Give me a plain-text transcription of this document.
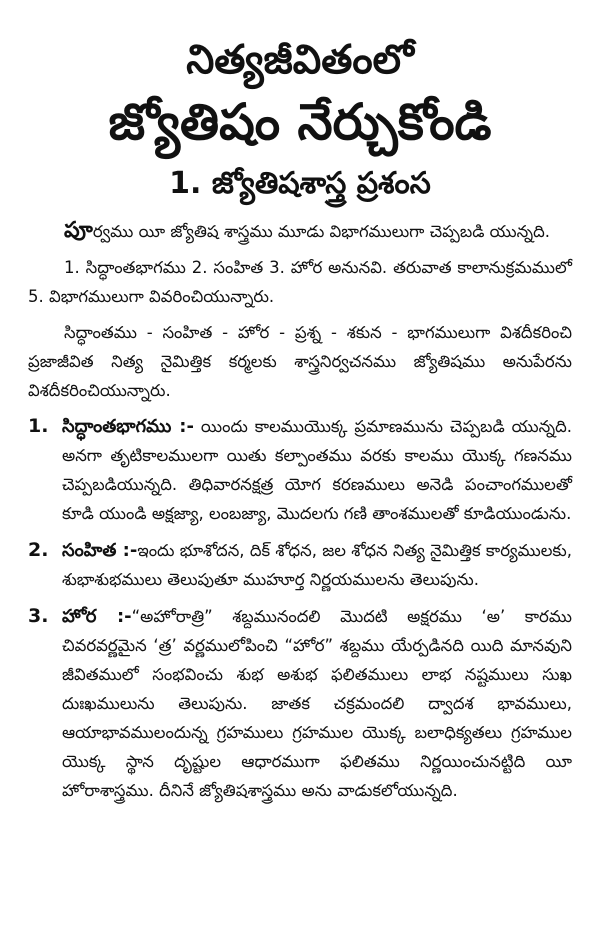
నిత్యజీవితంలో
జ్యోతిషం నేర్చుకోండి
1. జ్యోతిషశాస్త్ర ప్రశంస

పూర్వము యీ జ్యోతిష శాస్త్రము మూడు విభాగములుగా చెప్పబడి యున్నది.

1. సిద్ధాంతభాగము 2. సంహిత 3. హోర అనునవి. తరువాత కాలానుక్రమములో 5. విభాగములుగా వివరించియున్నారు.

సిద్ధాంతము - సంహిత - హోర - ప్రశ్న - శకున - భాగములుగా విశదీకరించి ప్రజాజీవిత నిత్య నైమిత్తిక కర్మలకు శాస్త్రనిర్వచనము జ్యోతిషము అనుపేరను విశదీకరించియున్నారు.

1. సిద్ధాంతభాగము :- యిందు కాలముయొక్క ప్రమాణమును చెప్పబడి యున్నది. అనగా తృటికాలములగా యితు కల్పాంతము వరకు కాలము యొక్క గణనము చెప్పబడియున్నది. తిధివారనక్షత్ర యోగ కరణములు అనెడి పంచాంగములతో కూడి యుండి అక్షజ్యా, లంబజ్యా, మొదలగు గణి తాంశములతో కూడియుండును.
2. సంహిత :-ఇందు భూశోదన, దిక్ శోధన, జల శోధన నిత్య నైమిత్తిక కార్యములకు, శుభాశుభములు తెలుపుతూ ముహూర్త నిర్ణయములను తెలుపును.
3. హోర :-“అహోరాత్రి” శబ్దమునందలి మొదటి అక్షరము ‘అ’ కారము చివరవర్ణమైన ‘త్ర’ వర్ణములోపించి “హోర” శబ్దము యేర్పడినది యిది మానవుని జీవితములో సంభవించు శుభ అశుభ ఫలితములు లాభ నష్టములు సుఖ దుఃఖములును తెలుపును. జాతక చక్రమందలి ద్వాదశ భావములు, ఆయాభావములందున్న గ్రహములు గ్రహముల యొక్క బలాధిక్యతలు గ్రహముల యొక్క స్థాన దృష్టుల ఆధారముగా ఫలితము నిర్ణయించునట్టిది యీ హోరాశాస్త్రము. దీనినే జ్యోతిషశాస్త్రము అను వాడుకలోయున్నది.
